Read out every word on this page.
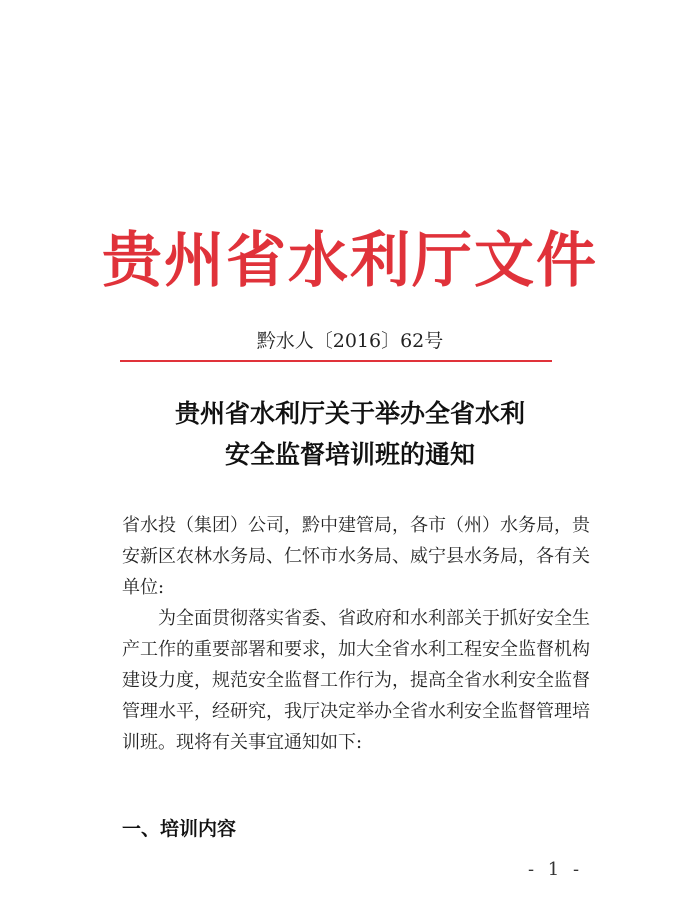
贵州省水利厅文件
黔水人〔2016〕62号
贵州省水利厅关于举办全省水利
安全监督培训班的通知

省水投（集团）公司，黔中建管局，各市（州）水务局，贵

安新区农林水务局、仁怀市水务局、威宁县水务局，各有关

单位:

　　为全面贯彻落实省委、省政府和水利部关于抓好安全生

产工作的重要部署和要求，加大全省水利工程安全监督机构

建设力度，规范安全监督工作行为，提高全省水利安全监督

管理水平，经研究，我厅决定举办全省水利安全监督管理培

训班。现将有关事宜通知如下:

一、培训内容
- 1 -
